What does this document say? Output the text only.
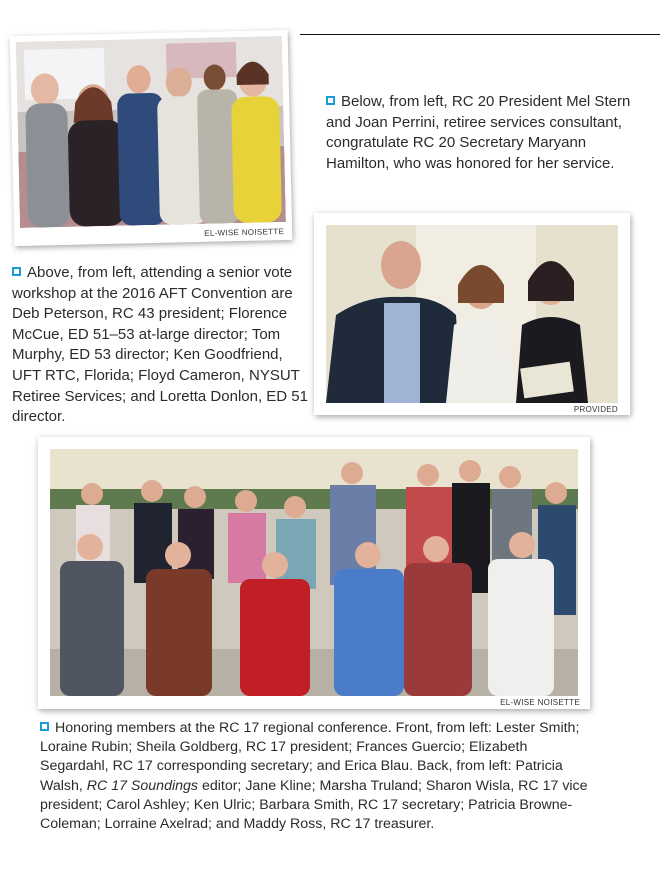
EL-WISE NOISETTE
Below, from left, RC 20 President Mel Stern and Joan Perrini, retiree services consultant, congratulate RC 20 Secretary Maryann Hamilton, who was honored for her service.
PROVIDED
Above, from left, attending a senior vote workshop at the 2016 AFT Convention are Deb Peterson, RC 43 president; Florence McCue, ED 51–53 at-large director; Tom Murphy, ED 53 director; Ken Goodfriend, UFT RTC, Florida; Floyd Cameron, NYSUT Retiree Services; and Loretta Donlon, ED 51 director.
EL-WISE NOISETTE
Honoring members at the RC 17 regional conference. Front, from left: Lester Smith; Loraine Rubin; Sheila Goldberg, RC 17 president; Frances Guercio; Elizabeth Segardahl, RC 17 corresponding secretary; and Erica Blau. Back, from left: Patricia Walsh, RC 17 Soundings editor; Jane Kline; Marsha Truland; Sharon Wisla, RC 17 vice president; Carol Ashley; Ken Ulric; Barbara Smith, RC 17 secretary; Patricia Browne-Coleman; Lorraine Axelrad; and Maddy Ross, RC 17 treasurer.
